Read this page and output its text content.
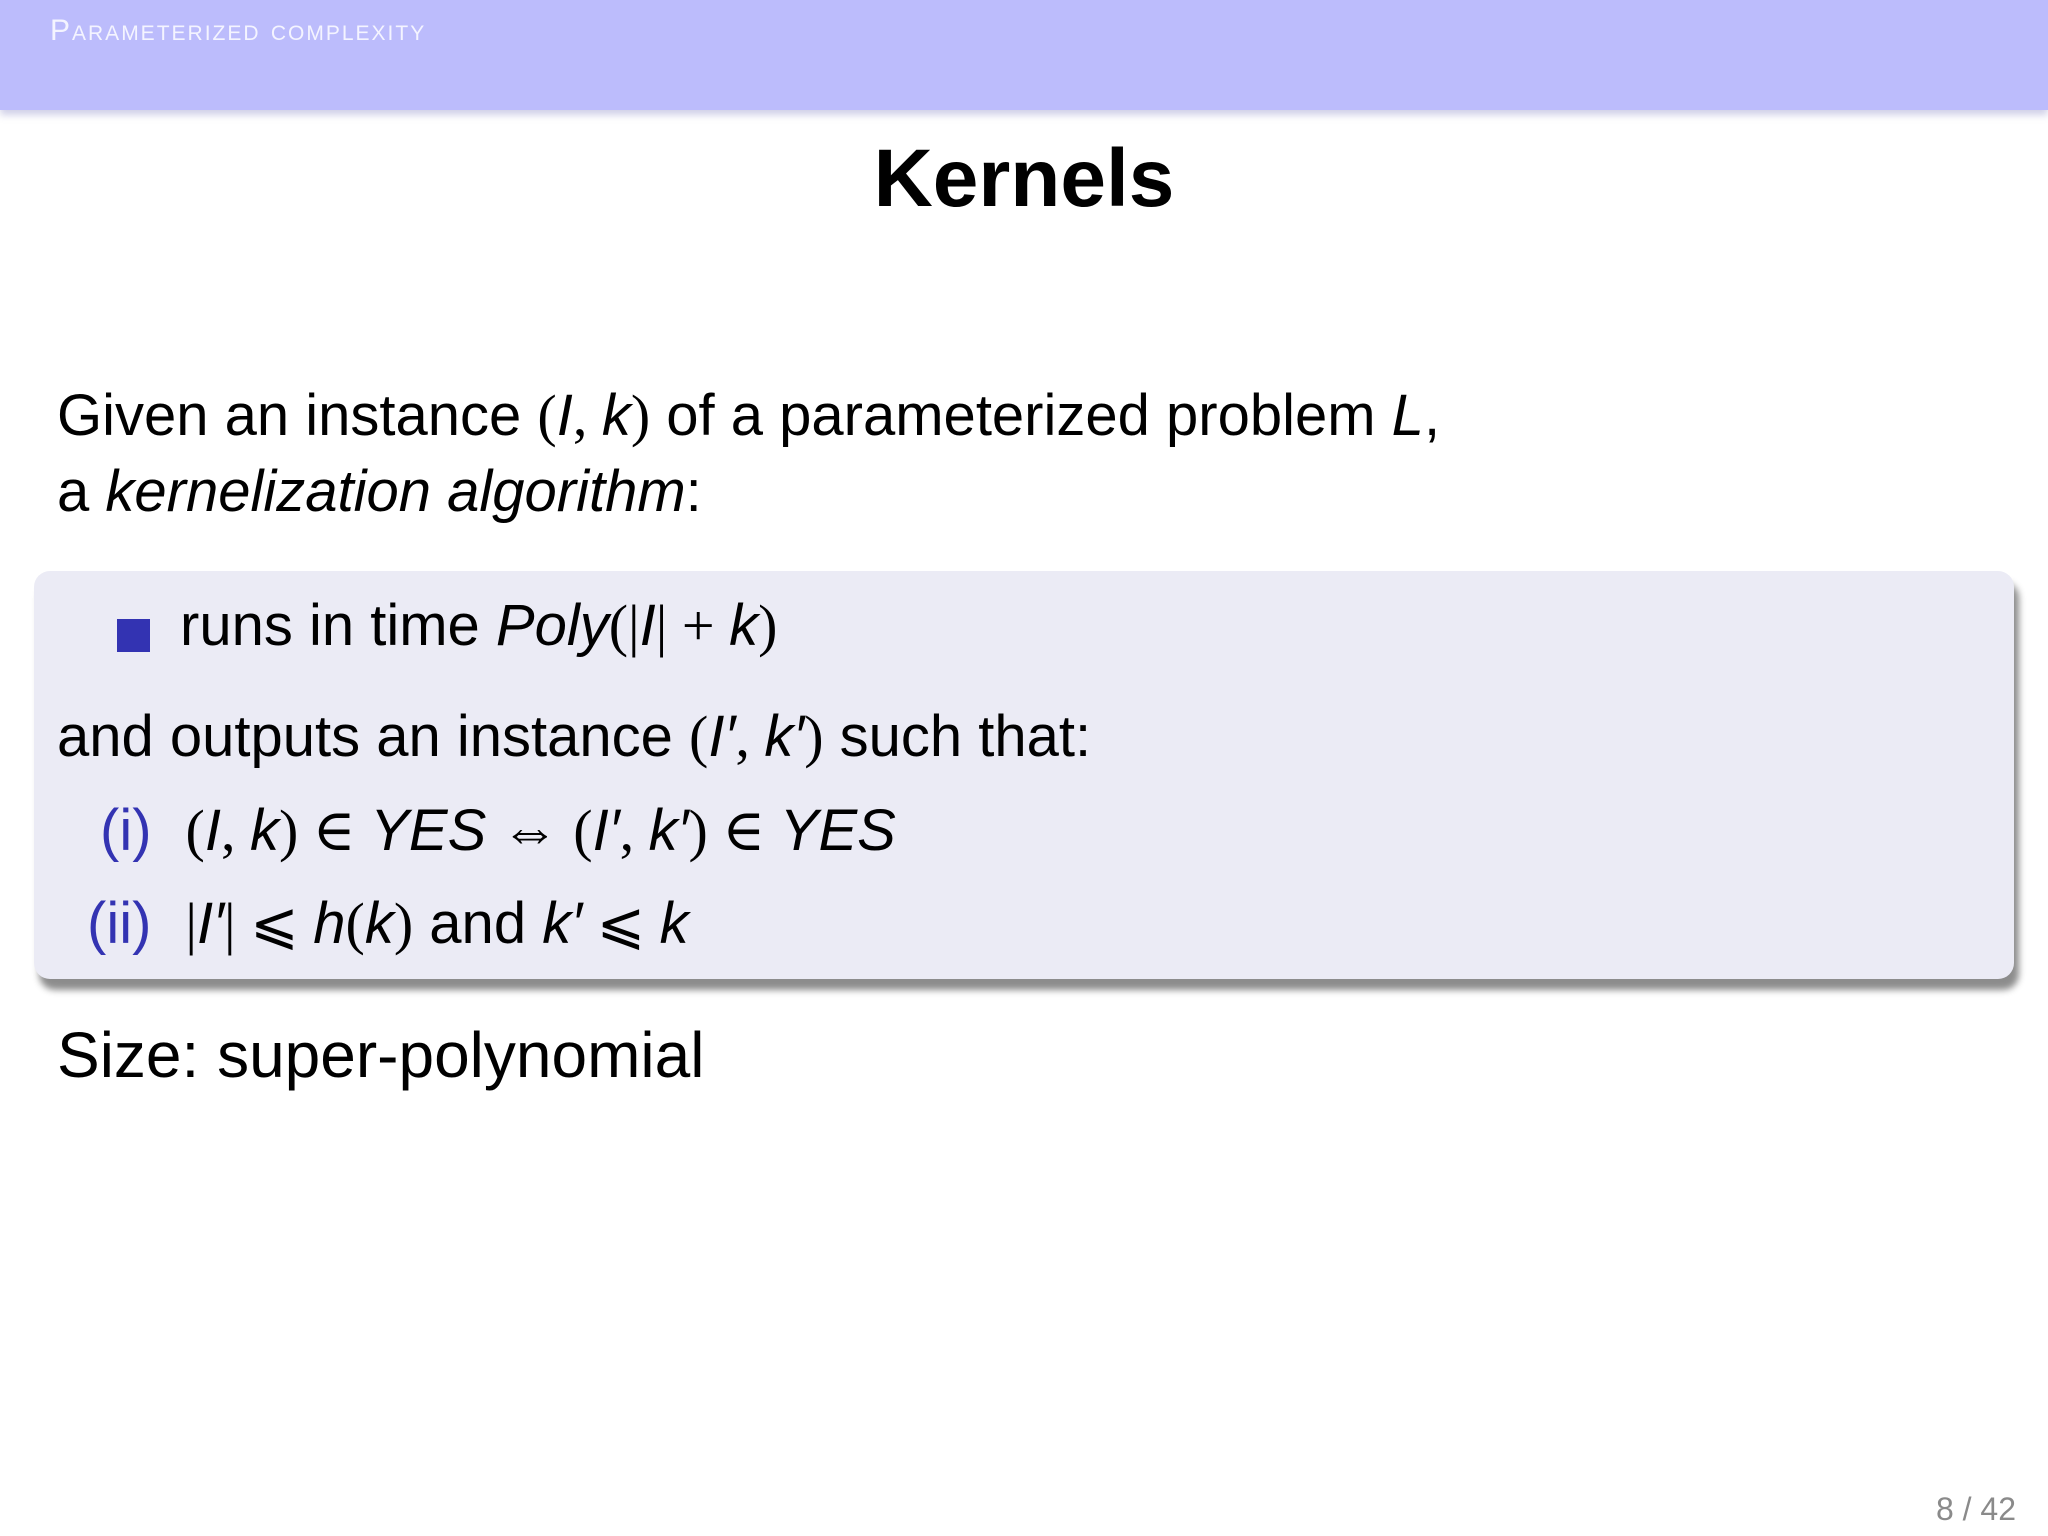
Parameterized complexity
Kernels
Given an instance (I, k) of a parameterized problem L,
a kernelization algorithm:
runs in time Poly(|I| + k)
and outputs an instance (I′, k′) such that:
(i) (I, k) ∈ YES ⇔ (I′, k′) ∈ YES
(ii) |I′| ⩽ h(k) and k′ ⩽ k
Size: super-polynomial
8 / 42
